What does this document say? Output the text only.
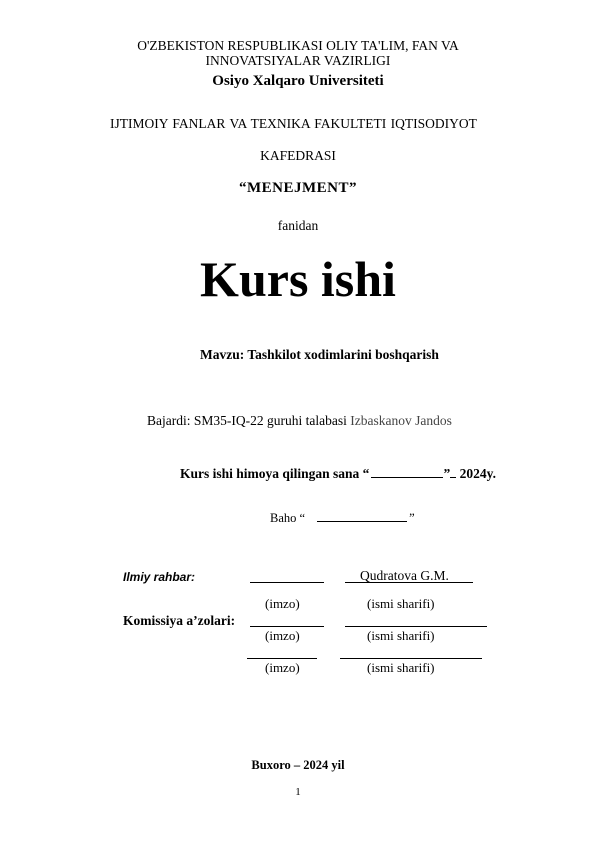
O'ZBEKISTON RESPUBLIKASI OLIY TA'LIM, FAN VA
INNOVATSIYALAR VAZIRLIGI
Osiyo Xalqaro Universiteti
IJTIMOIY FANLAR VA TEXNIKA FAKULTETI IQTISODIYOT
KAFEDRASI
“MENEJMENT”
fanidan
Kurs ishi
Mavzu: Tashkilot xodimlarini boshqarish
Bajardi: SM35-IQ-22 guruhi talabasi Izbaskanov Jandos
Kurs ishi himoya qilingan sana “	” 2024y.
Baho “	”
Ilmiy rahbar:	Qudratova G.M.
(imzo)	(ismi sharifi)
Komissiya a’zolari:
(imzo)	(ismi sharifi)
(imzo)	(ismi sharifi)
Buxoro – 2024 yil
1
